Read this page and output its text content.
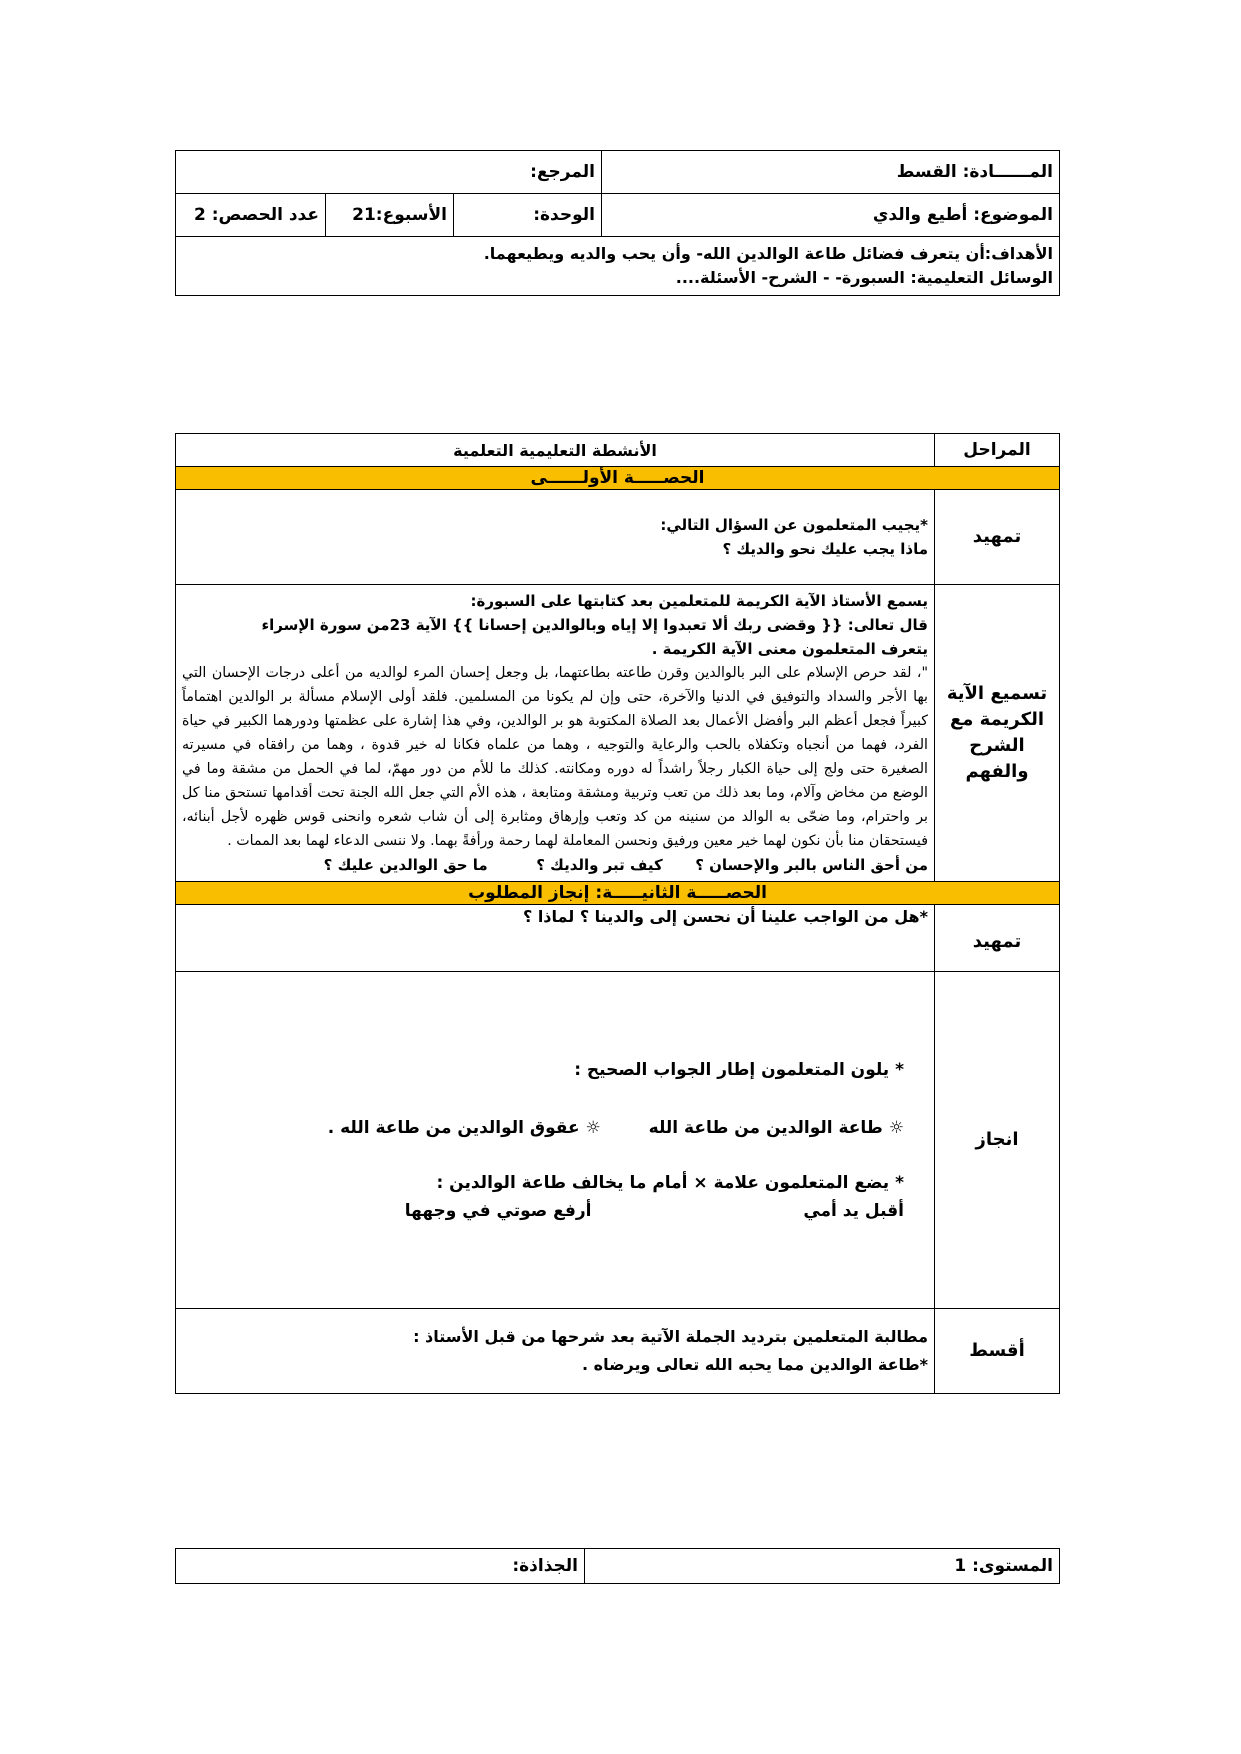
المــــــادة: القسط	المرجع:		
الموضوع: أطيع والدي	الوحدة:	الأسبوع:21	عدد الحصص: 2

الأهداف:أن يتعرف فضائل طاعة الوالدين الله- وأن يحب والديه ويطيعهما.
الوسائل التعليمية: السبورة- - الشرح- الأسئلة....			
المراحل	الأنشطة التعليمية التعلمية
الحصـــــة الأولــــــى	
تمهيد	*يجيب المتعلمون عن السؤال التالي:
ماذا يجب عليك نحو والديك ؟

تسميع الآية الكريمة مع الشرح والفهم	يسمع الأستاذ الآية الكريمة للمتعلمين بعد كتابتها على السبورة:
قال تعالى: {{ وقضى ربك ألا تعبدوا إلا إياه وبالوالدين إحسانا }} الآية 23من سورة الإسراء
يتعرف المتعلمون معنى الآية الكريمة .
"، لقد حرص الإسلام على البر بالوالدين وقرن طاعته بطاعتهما، بل وجعل إحسان المرء لوالديه من أعلى درجات الإحسان التي بها الأجر والسداد والتوفيق في الدنيا والآخرة، حتى وإن لم يكونا من المسلمين. فلقد أولى الإسلام مسألة بر الوالدين اهتماماً كبيراً فجعل أعظم البر وأفضل الأعمال بعد الصلاة المكتوبة هو بر الوالدين، وفي هذا إشارة على عظمتها ودورهما الكبير في حياة الفرد، فهما من أنجباه وتكفلاه بالحب والرعاية والتوجيه ، وهما من علماه فكانا له خير قدوة ، وهما من رافقاه في مسيرته الصغيرة حتى ولج إلى حياة الكبار رجلاً راشداً له دوره ومكانته. كذلك ما للأم من دور مهمّ، لما في الحمل من مشقة وما في الوضع من مخاض وآلام، وما بعد ذلك من تعب وتربية ومشقة ومتابعة ، هذه الأم التي جعل الله الجنة تحت أقدامها تستحق منا كل بر واحترام، وما ضحّى به الوالد من سنينه من كد وتعب وإرهاق ومثابرة إلى أن شاب شعره وانحنى قوس ظهره لأجل أبنائه، فيستحقان منا بأن نكون لهما خير معين ورفيق ونحسن المعاملة لهما رحمة ورأفةً بهما. ولا ننسى الدعاء لهما بعد الممات .
من أحق الناس بالبر والإحسان ؟  كيف تبر والديك ؟  ما حق الوالدين عليك ؟

الحصـــــة الثانيـــــة: إنجاز المطلوب	
تمهيد	*هل من الواجب علينا أن نحسن إلى والدينا ؟ لماذا ؟
انجاز	* يلون المتعلمون إطار الجواب الصحيح :
☼ طاعة الوالدين من طاعة الله  ☼ عقوق الوالدين من طاعة الله .
* يضع المتعلمون علامة × أمام ما يخالف طاعة الوالدين :
أقبل يد أمي  أرفع صوتي في وجهها

أقسط	مطالبة المتعلمين بترديد الجملة الآتية بعد شرحها من قبل الأستاذ :
*طاعة الوالدين مما يحبه الله تعالى ويرضاه .
المستوى: 1	الجذاذة:
